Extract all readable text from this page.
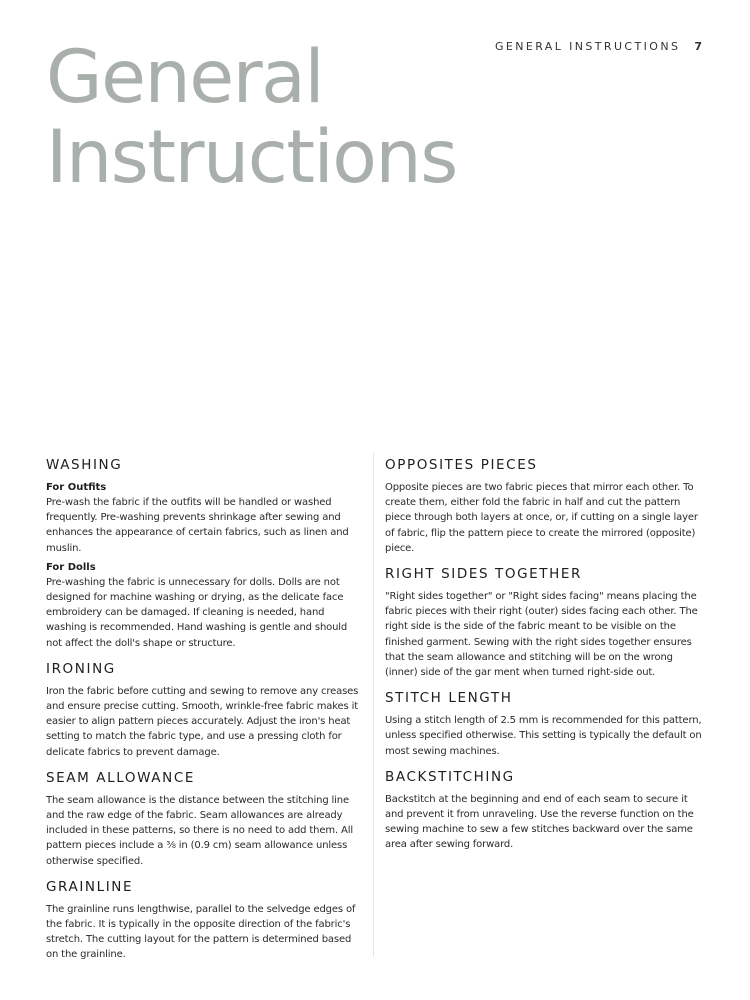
GENERAL INSTRUCTIONS 7
General
Instructions
WASHING

For Outfits

Pre-wash the fabric if the outfits will be handled or washed frequently. Pre-washing prevents shrinkage after sewing and enhances the appearance of certain fabrics, such as linen and muslin.

For Dolls

Pre-washing the fabric is unnecessary for dolls. Dolls are not designed for machine washing or drying, as the delicate face embroidery can be damaged. If cleaning is needed, hand washing is recommended. Hand washing is gentle and should not affect the doll's shape or structure.

IRONING

Iron the fabric before cutting and sewing to remove any creases and ensure precise cutting. Smooth, wrinkle-free fabric makes it easier to align pattern pieces accurately. Adjust the iron's heat setting to match the fabric type, and use a pressing cloth for delicate fabrics to prevent damage.

SEAM ALLOWANCE

The seam allowance is the distance between the stitching line and the raw edge of the fabric. Seam allowances are already included in these patterns, so there is no need to add them. All pattern pieces include a ⅜ in (0.9 cm) seam allowance unless otherwise specified.

GRAINLINE

The grainline runs lengthwise, parallel to the selvedge edges of the fabric. It is typically in the opposite direction of the fabric's stretch. The cutting layout for the pattern is determined based on the grainline.

OPPOSITES PIECES

Opposite pieces are two fabric pieces that mirror each other. To create them, either fold the fabric in half and cut the pattern piece through both layers at once, or, if cutting on a single layer of fabric, flip the pattern piece to create the mirrored (opposite) piece.

RIGHT SIDES TOGETHER

"Right sides together" or "Right sides facing" means placing the fabric pieces with their right (outer) sides facing each other. The right side is the side of the fabric meant to be visible on the finished garment. Sewing with the right sides together ensures that the seam allowance and stitching will be on the wrong (inner) side of the gar ment when turned right-side out.

STITCH LENGTH

Using a stitch length of 2.5 mm is recommended for this pattern, unless specified otherwise. This setting is typically the default on most sewing machines.

BACKSTITCHING

Backstitch at the beginning and end of each seam to secure it and prevent it from unraveling. Use the reverse function on the sewing machine to sew a few stitches backward over the same area after sewing forward.
